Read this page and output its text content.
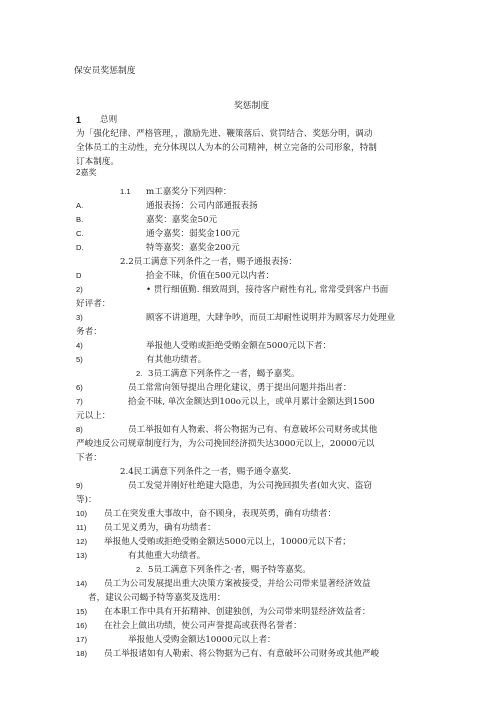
保安员奖惩制度
奖惩制度
1 总则
为「强化纪律、严格管理，，激励先进、鞭策落后、赏罚结合、奖惩分明，调动
全体员工的主动性，充分体现以人为本的公司精神，树立完备的公司形象，特制
订本制度。
2嘉奖
1.1 m工嘉奖分下列四种：
A.	通报表扬：公司内部通报表扬
B.	嘉奖：嘉奖金50元
C.	通令嘉奖：弱奖金100元
D.	特等嘉奖：嘉奖金200元
2.2员工满意下列条件之一者，赐予通报表扬：
D	拾金不昧，价值在500元以内者：
2)	• 贯行细值勤. 细致周到，接待客户耐性有礼, 常常受到客户书面
好评者：
3)	顾客不讲道理，大肆争吵，而员工却耐性说明并为顾客尽力处理业
务者：
4)	举报他人受贿或拒绝受贿金额在5000元以下者：
5)	有其他功绩者。
2. 3员工满意下列条件之一者，蝎予嘉奖。
6)	员工常常向领导提出合理化建议，勇于提出问题并指出者：
7)	拾金不昧, 单次金额达到100o元以上，或单月累计金额达到1500
元以上：
8)	员工举报如有人物索、将公物据为己有、有意破坏公司财务或其他
严峻违反公司规章制度行为，为公司挽回经济损失达3000元以上，20000元以
下者：
2.4民工满意下列条件之一者，赐予通令嘉奖.
9)	员工发觉并刚好杜绝建大隐患，为公司挽回损失者(如火灾、盗窃
等)：
10) 员工在突发重大事故中，奋不顾身，表现英勇，确有功绩者：
11) 员工见义勇为，确有功绩者：
12) 举报他人受贿或拒绝受贿金额达5000元以上，10000元以下者；
13)	有其他重大功绩者。
2. 5员工满意下列条件之·者，赐予特等嘉奖。
14) 员工为公司发展提出重大决策方案被接受，并给公司带来显著经济效益
者，建议公司蝎予特等嘉奖及选用：
15) 在本职工作中具有开拓精神、创建独创，为公司带来明显经济效益者：
16) 在社会上做出功绩，使公司声誉提高或获得名誉者：
17)	举报他人受购金额达10000元以上者：
18) 员工举报诸如有人勒索、将公物据为己有、有意破坏公司财务或其他严峻
